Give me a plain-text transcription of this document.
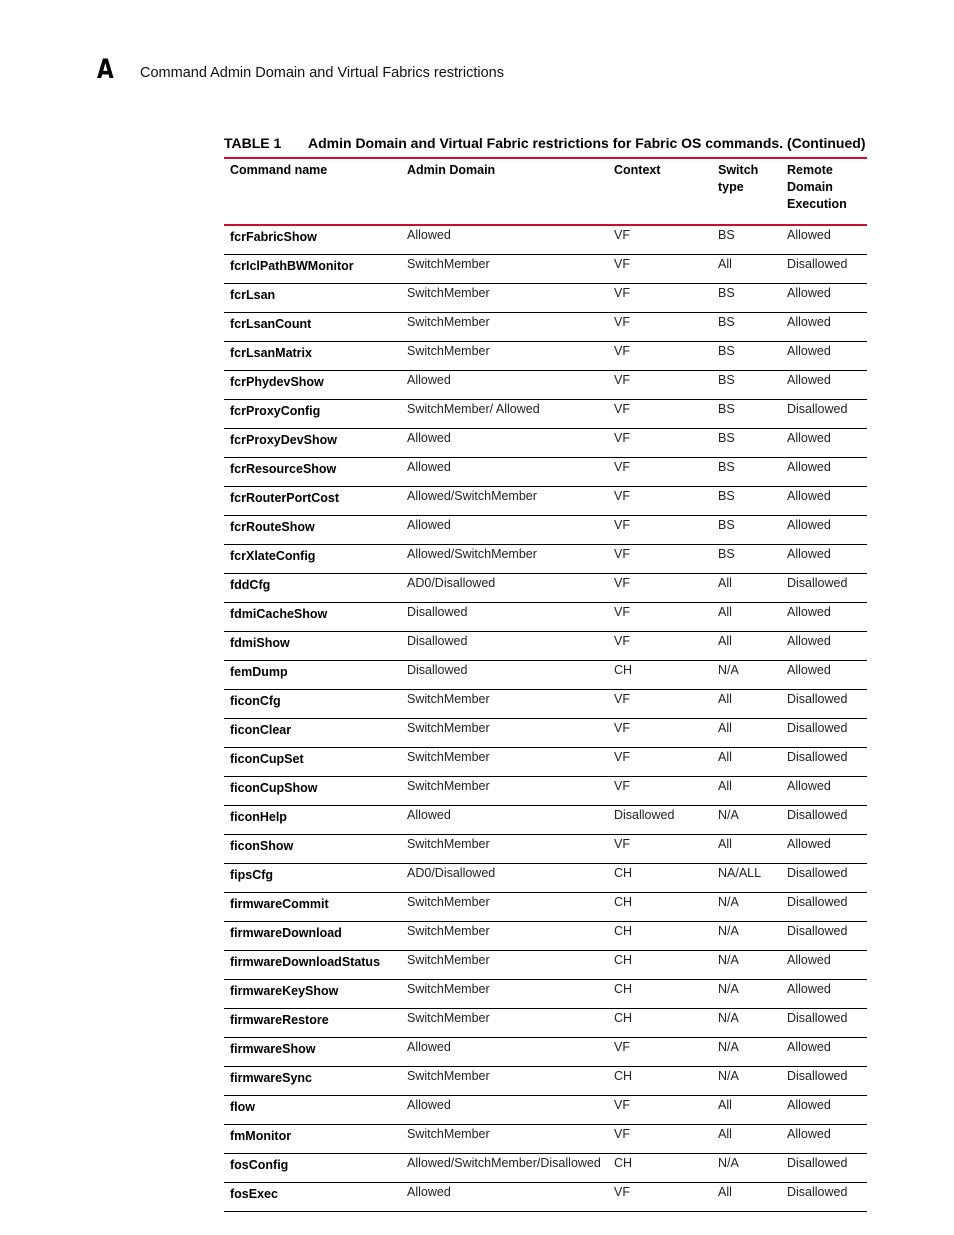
A Command Admin Domain and Virtual Fabrics restrictions
TABLE 1 Admin Domain and Virtual Fabric restrictions for Fabric OS commands. (Continued)
Command name	Admin Domain	Context	Switch type	Remote Domain Execution
fcrFabricShow	Allowed	VF	BS	Allowed
fcrIclPathBWMonitor	SwitchMember	VF	All	Disallowed
fcrLsan	SwitchMember	VF	BS	Allowed
fcrLsanCount	SwitchMember	VF	BS	Allowed
fcrLsanMatrix	SwitchMember	VF	BS	Allowed
fcrPhydevShow	Allowed	VF	BS	Allowed
fcrProxyConfig	SwitchMember/ Allowed	VF	BS	Disallowed
fcrProxyDevShow	Allowed	VF	BS	Allowed
fcrResourceShow	Allowed	VF	BS	Allowed
fcrRouterPortCost	Allowed/SwitchMember	VF	BS	Allowed
fcrRouteShow	Allowed	VF	BS	Allowed
fcrXlateConfig	Allowed/SwitchMember	VF	BS	Allowed
fddCfg	AD0/Disallowed	VF	All	Disallowed
fdmiCacheShow	Disallowed	VF	All	Allowed
fdmiShow	Disallowed	VF	All	Allowed
femDump	Disallowed	CH	N/A	Allowed
ficonCfg	SwitchMember	VF	All	Disallowed
ficonClear	SwitchMember	VF	All	Disallowed
ficonCupSet	SwitchMember	VF	All	Disallowed
ficonCupShow	SwitchMember	VF	All	Allowed
ficonHelp	Allowed	Disallowed	N/A	Disallowed
ficonShow	SwitchMember	VF	All	Allowed
fipsCfg	AD0/Disallowed	CH	NA/ALL	Disallowed
firmwareCommit	SwitchMember	CH	N/A	Disallowed
firmwareDownload	SwitchMember	CH	N/A	Disallowed
firmwareDownloadStatus	SwitchMember	CH	N/A	Allowed
firmwareKeyShow	SwitchMember	CH	N/A	Allowed
firmwareRestore	SwitchMember	CH	N/A	Disallowed
firmwareShow	Allowed	VF	N/A	Allowed
firmwareSync	SwitchMember	CH	N/A	Disallowed
flow	Allowed	VF	All	Allowed
fmMonitor	SwitchMember	VF	All	Allowed
fosConfig	Allowed/SwitchMember/Disallowed	CH	N/A	Disallowed
fosExec	Allowed	VF	All	Disallowed
